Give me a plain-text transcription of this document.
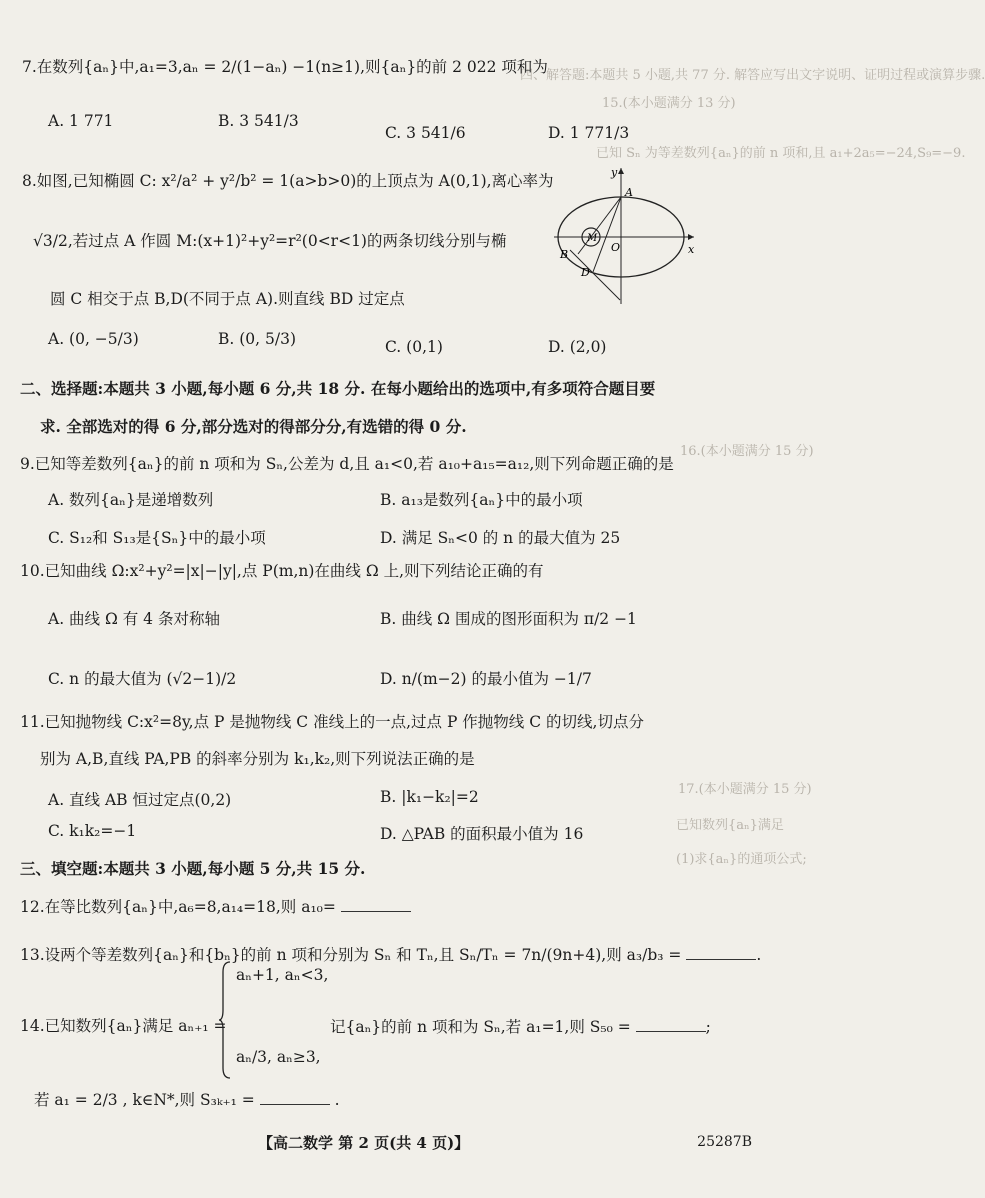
四、解答题:本题共 5 小题,共 77 分. 解答应写出文字说明、证明过程或演算步骤.
15.(本小题满分 13 分)
已知 Sₙ 为等差数列{aₙ}的前 n 项和,且 a₁+2a₅=−24,S₉=−9.
16.(本小题满分 15 分)
17.(本小题满分 15 分)
已知数列{aₙ}满足
(1)求{aₙ}的通项公式;
7.在数列{aₙ}中,a₁=3,aₙ = 2/(1−aₙ) −1(n≥1),则{aₙ}的前 2 022 项和为
A. 1 771	B. 3 541/3
C. 3 541/6	D. 1 771/3
8.如图,已知椭圆 C: x²/a² + y²/b² = 1(a>b>0)的上顶点为 A(0,1),离心率为
√3/2,若过点 A 作圆 M:(x+1)²+y²=r²(0<r<1)的两条切线分别与椭
圆 C 相交于点 B,D(不同于点 A).则直线 BD 过定点
y
x
A
M
O
B
D
A. (0, −5/3)	B. (0, 5/3)	C. (0,1)	D. (2,0)
二、选择题:本题共 3 小题,每小题 6 分,共 18 分. 在每小题给出的选项中,有多项符合题目要
求. 全部选对的得 6 分,部分选对的得部分分,有选错的得 0 分.
9.已知等差数列{aₙ}的前 n 项和为 Sₙ,公差为 d,且 a₁<0,若 a₁₀+a₁₅=a₁₂,则下列命题正确的是
A. 数列{aₙ}是递增数列	B. a₁₃是数列{aₙ}中的最小项
C. S₁₂和 S₁₃是{Sₙ}中的最小项	D. 满足 Sₙ<0 的 n 的最大值为 25
10.已知曲线 Ω:x²+y²=|x|−|y|,点 P(m,n)在曲线 Ω 上,则下列结论正确的有
A. 曲线 Ω 有 4 条对称轴	B. 曲线 Ω 围成的图形面积为 π/2 −1
C. n 的最大值为 (√2−1)/2	D. n/(m−2) 的最小值为 −1/7
11.已知抛物线 C:x²=8y,点 P 是抛物线 C 准线上的一点,过点 P 作抛物线 C 的切线,切点分
别为 A,B,直线 PA,PB 的斜率分别为 k₁,k₂,则下列说法正确的是
A. 直线 AB 恒过定点(0,2)	B. |k₁−k₂|=2
C. k₁k₂=−1	D. △PAB 的面积最小值为 16
三、填空题:本题共 3 小题,每小题 5 分,共 15 分.
12.在等比数列{aₙ}中,a₆=8,a₁₄=18,则 a₁₀=
13.设两个等差数列{aₙ}和{bₙ}的前 n 项和分别为 Sₙ 和 Tₙ,且 Sₙ/Tₙ = 7n/(9n+4),则 a₃/b₃ =	.
14.已知数列{aₙ}满足 aₙ₊₁ =
aₙ+1, aₙ<3,
aₙ/3, aₙ≥3,
记{aₙ}的前 n 项和为 Sₙ,若 a₁=1,则 S₅₀ =	;
若 a₁ = 2/3 , k∈N*,则 S₃ₖ₊₁ =	.
【高二数学 第 2 页(共 4 页)】	25287B
